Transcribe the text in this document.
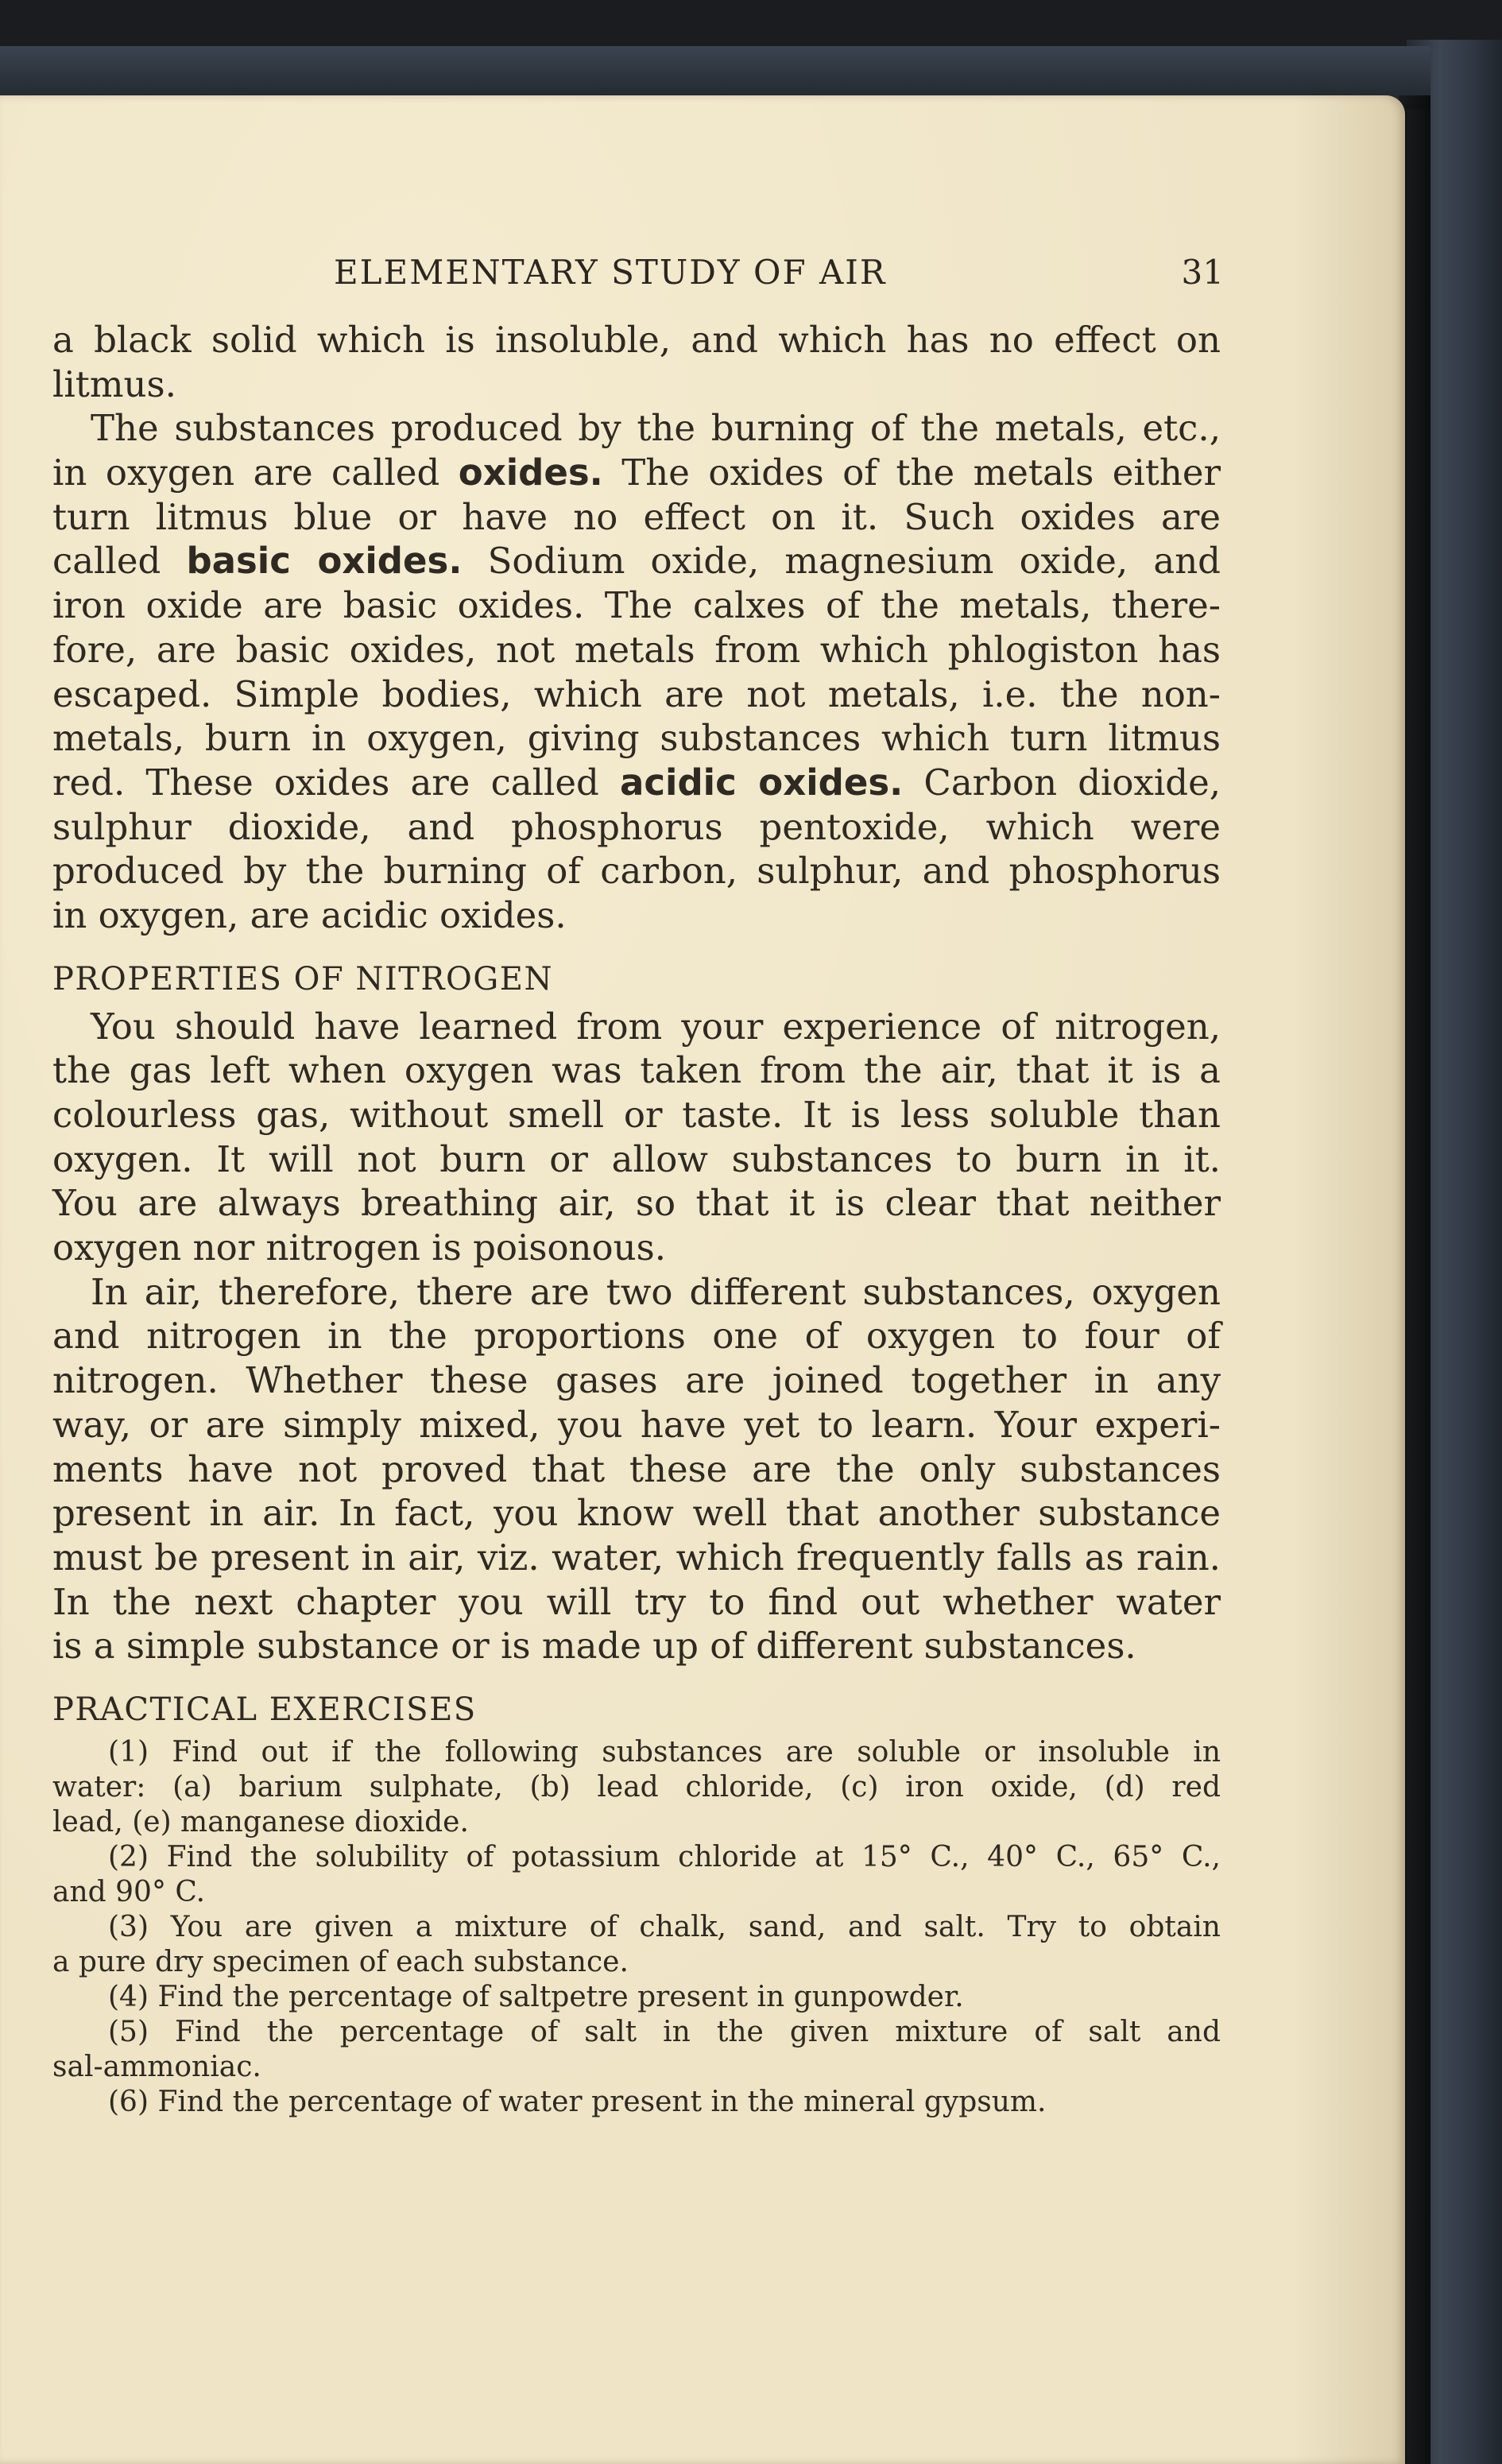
ELEMENTARY STUDY OF AIR	31
a black solid which is insoluble, and which has no effect on
litmus.
The substances produced by the burning of the metals, etc.,
in oxygen are called oxides. The oxides of the metals either
turn litmus blue or have no effect on it. Such oxides are
called basic oxides. Sodium oxide, magnesium oxide, and
iron oxide are basic oxides. The calxes of the metals, there-
fore, are basic oxides, not metals from which phlogiston has
escaped. Simple bodies, which are not metals, i.e. the non-
metals, burn in oxygen, giving substances which turn litmus
red. These oxides are called acidic oxides. Carbon dioxide,
sulphur dioxide, and phosphorus pentoxide, which were
produced by the burning of carbon, sulphur, and phosphorus
in oxygen, are acidic oxides.
PROPERTIES OF NITROGEN
You should have learned from your experience of nitrogen,
the gas left when oxygen was taken from the air, that it is a
colourless gas, without smell or taste. It is less soluble than
oxygen. It will not burn or allow substances to burn in it.
You are always breathing air, so that it is clear that neither
oxygen nor nitrogen is poisonous.
In air, therefore, there are two different substances, oxygen
and nitrogen in the proportions one of oxygen to four of
nitrogen. Whether these gases are joined together in any
way, or are simply mixed, you have yet to learn. Your experi-
ments have not proved that these are the only substances
present in air. In fact, you know well that another substance
must be present in air, viz. water, which frequently falls as rain.
In the next chapter you will try to find out whether water
is a simple substance or is made up of different substances.
PRACTICAL EXERCISES
(1) Find out if the following substances are soluble or insoluble in
water: (a) barium sulphate, (b) lead chloride, (c) iron oxide, (d) red
lead, (e) manganese dioxide.
(2) Find the solubility of potassium chloride at 15° C., 40° C., 65° C.,
and 90° C.
(3) You are given a mixture of chalk, sand, and salt. Try to obtain
a pure dry specimen of each substance.
(4) Find the percentage of saltpetre present in gunpowder.
(5) Find the percentage of salt in the given mixture of salt and
sal-ammoniac.
(6) Find the percentage of water present in the mineral gypsum.
